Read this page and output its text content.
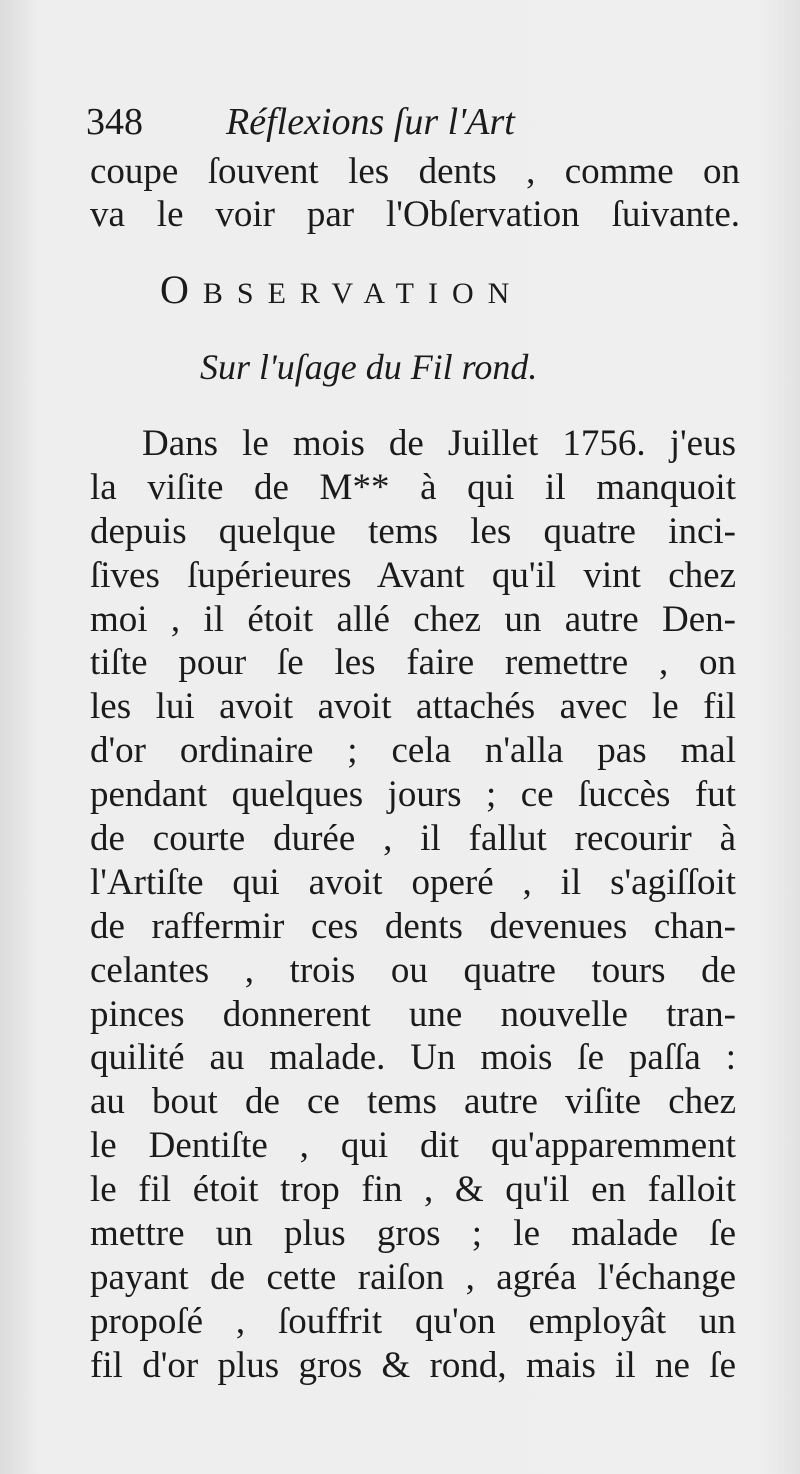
348 Réflexions ſur l'Art
coupe ſouvent les dents , comme on
va le voir par l'Obſervation ſuivante.
OBSERVATION
Sur l'uſage du Fil rond.
Dans le mois de Juillet 1756. j'eus
la viſite de M** à qui il manquoit
depuis quelque tems les quatre inci-
ſives ſupérieures Avant qu'il vint chez
moi , il étoit allé chez un autre Den-
tiſte pour ſe les faire remettre , on
les lui avoit avoit attachés avec le fil
d'or ordinaire ; cela n'alla pas mal
pendant quelques jours ; ce ſuccès fut
de courte durée , il fallut recourir à
l'Artiſte qui avoit operé , il s'agiſſoit
de raffermir ces dents devenues chan-
celantes , trois ou quatre tours de
pinces donnerent une nouvelle tran-
quilité au malade. Un mois ſe paſſa :
au bout de ce tems autre viſite chez
le Dentiſte , qui dit qu'apparemment
le fil étoit trop fin , & qu'il en falloit
mettre un plus gros ; le malade ſe
payant de cette raiſon , agréa l'échange
propoſé , ſouffrit qu'on employât un
fil d'or plus gros & rond, mais il ne ſe
